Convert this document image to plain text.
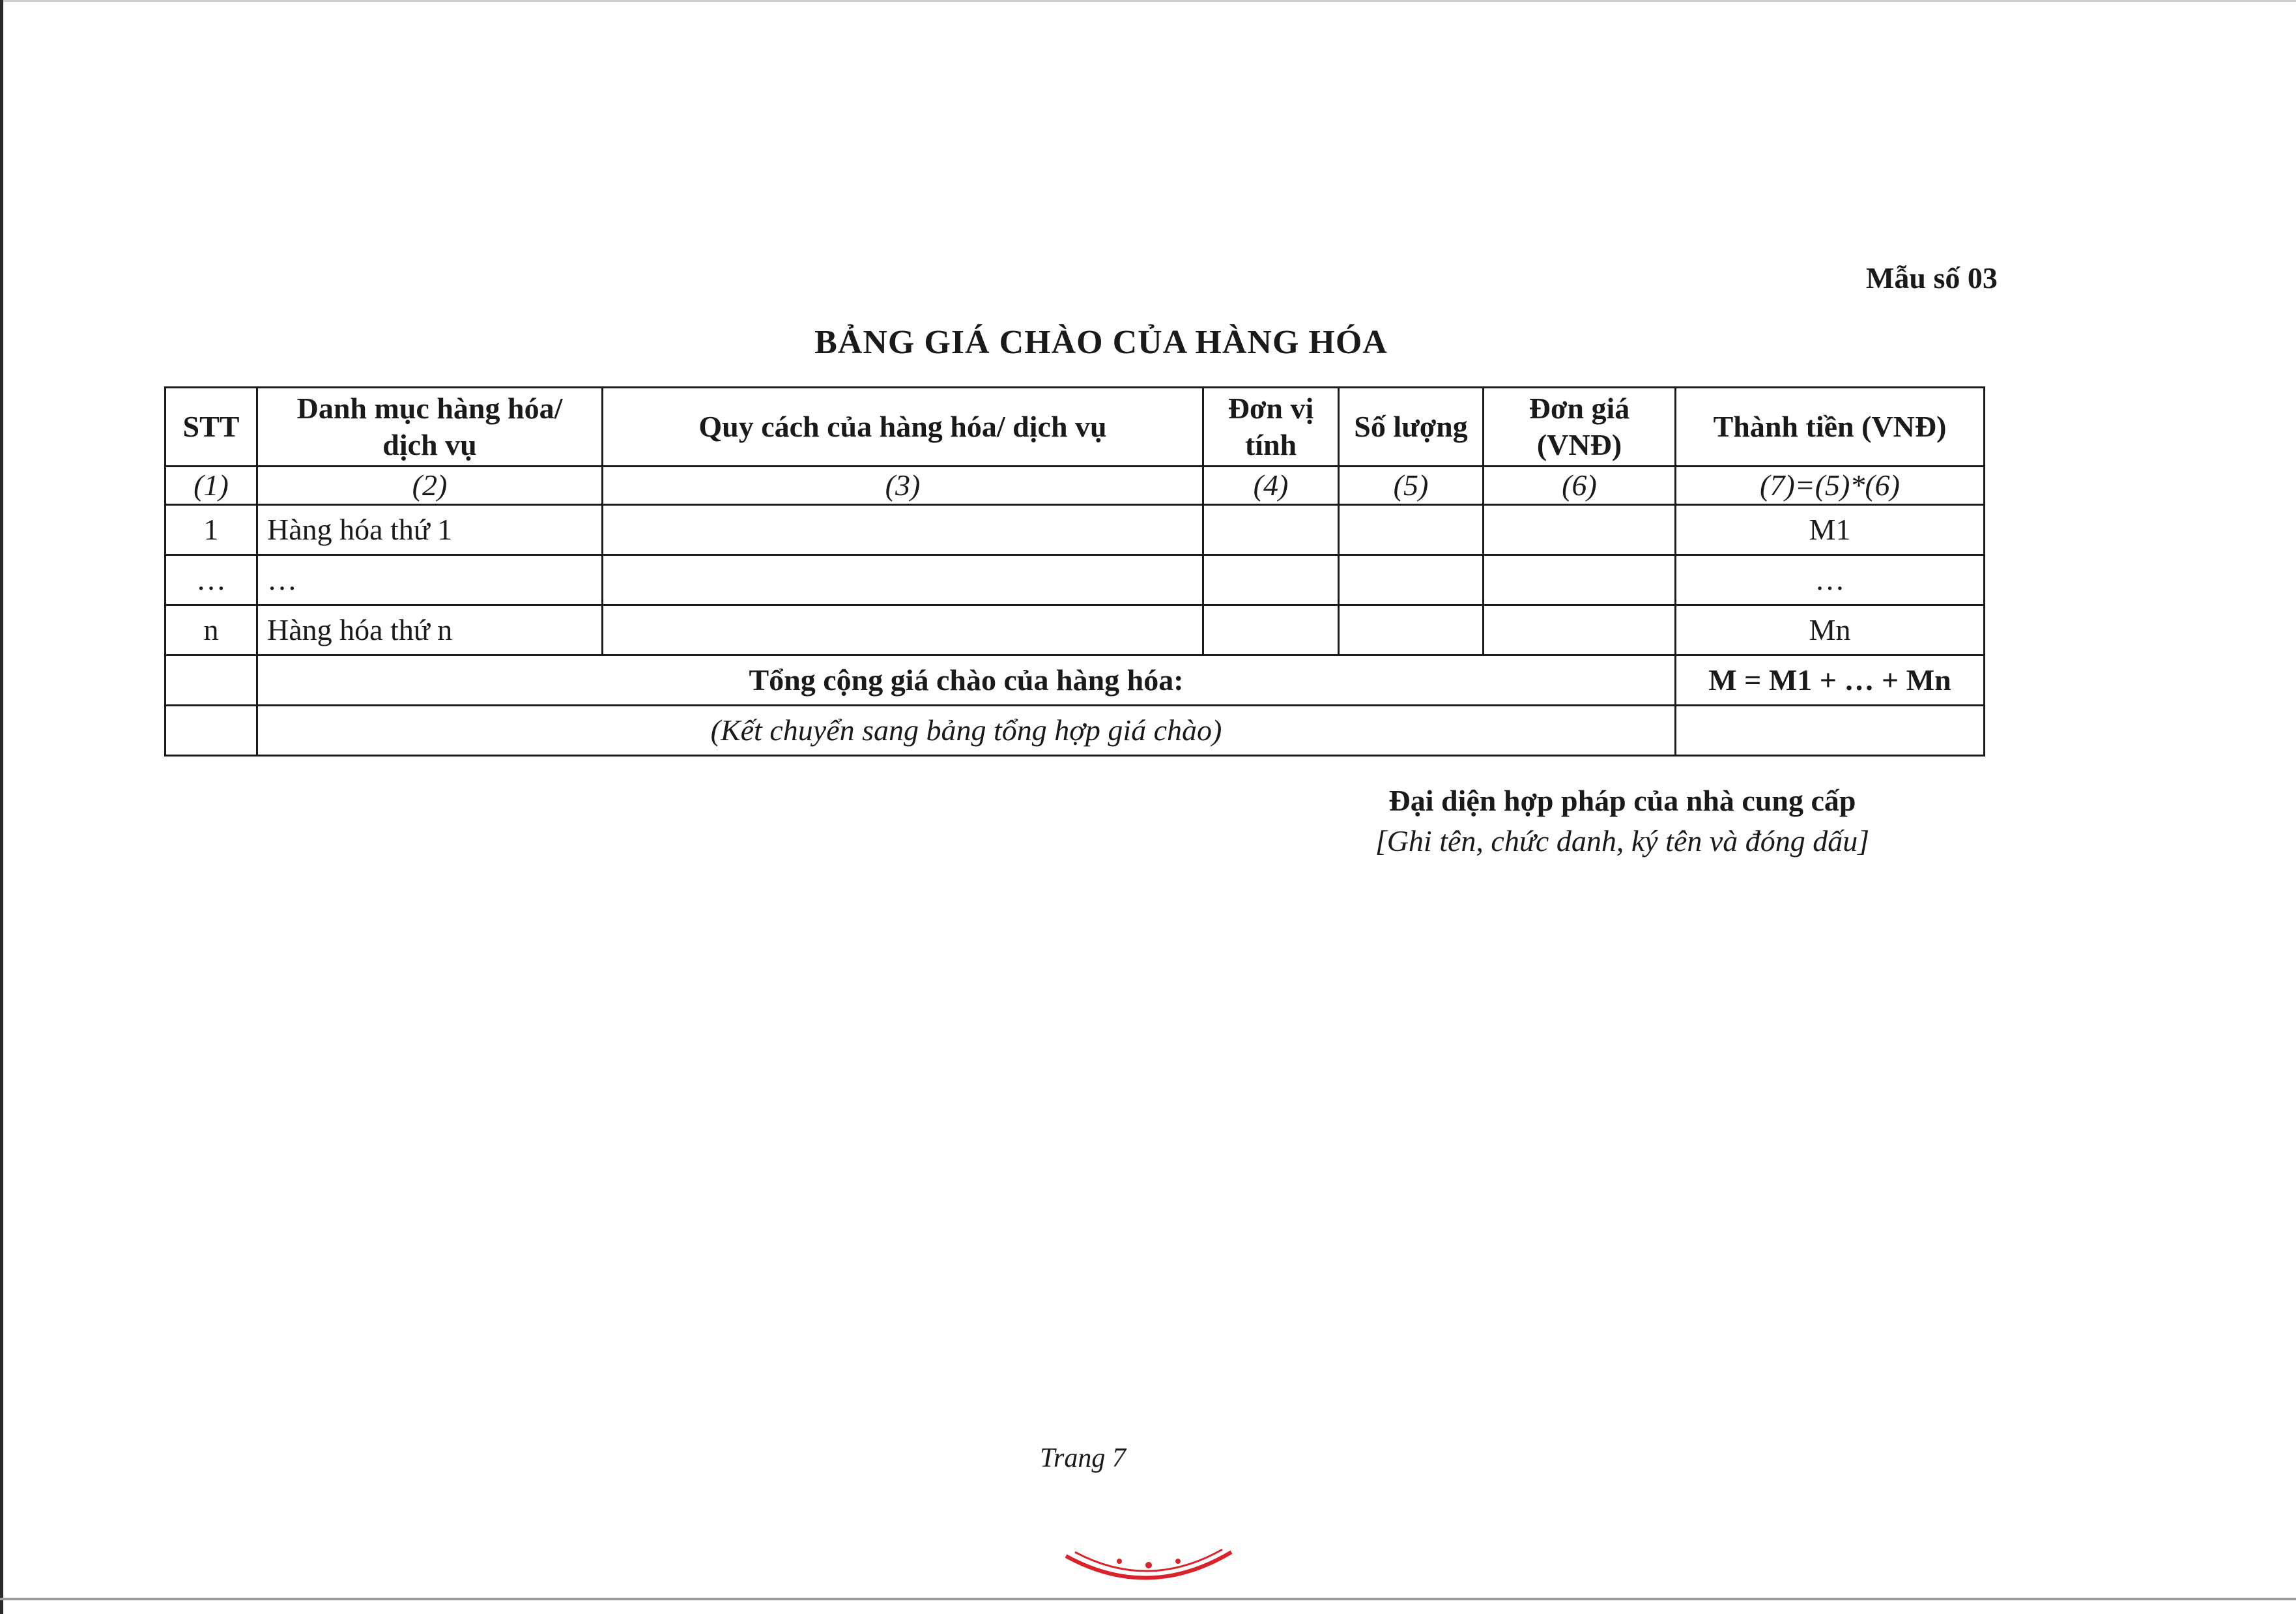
Mẫu số 03
BẢNG GIÁ CHÀO CỦA HÀNG HÓA
STT	Danh mục hàng hóa/ dịch vụ	Quy cách của hàng hóa/ dịch vụ	Đơn vị tính	Số lượng	Đơn giá (VNĐ)	Thành tiền (VNĐ)
(1)	(2)	(3)	(4)	(5)	(6)	(7)=(5)*(6)
1	Hàng hóa thứ 1					M1
…	…					…
n	Hàng hóa thứ n					Mn
	Tổng cộng giá chào của hàng hóa:					M = M1 + … + Mn
	(Kết chuyển sang bảng tổng hợp giá chào)					
Đại diện hợp pháp của nhà cung cấp
[Ghi tên, chức danh, ký tên và đóng dấu]
Trang 7
